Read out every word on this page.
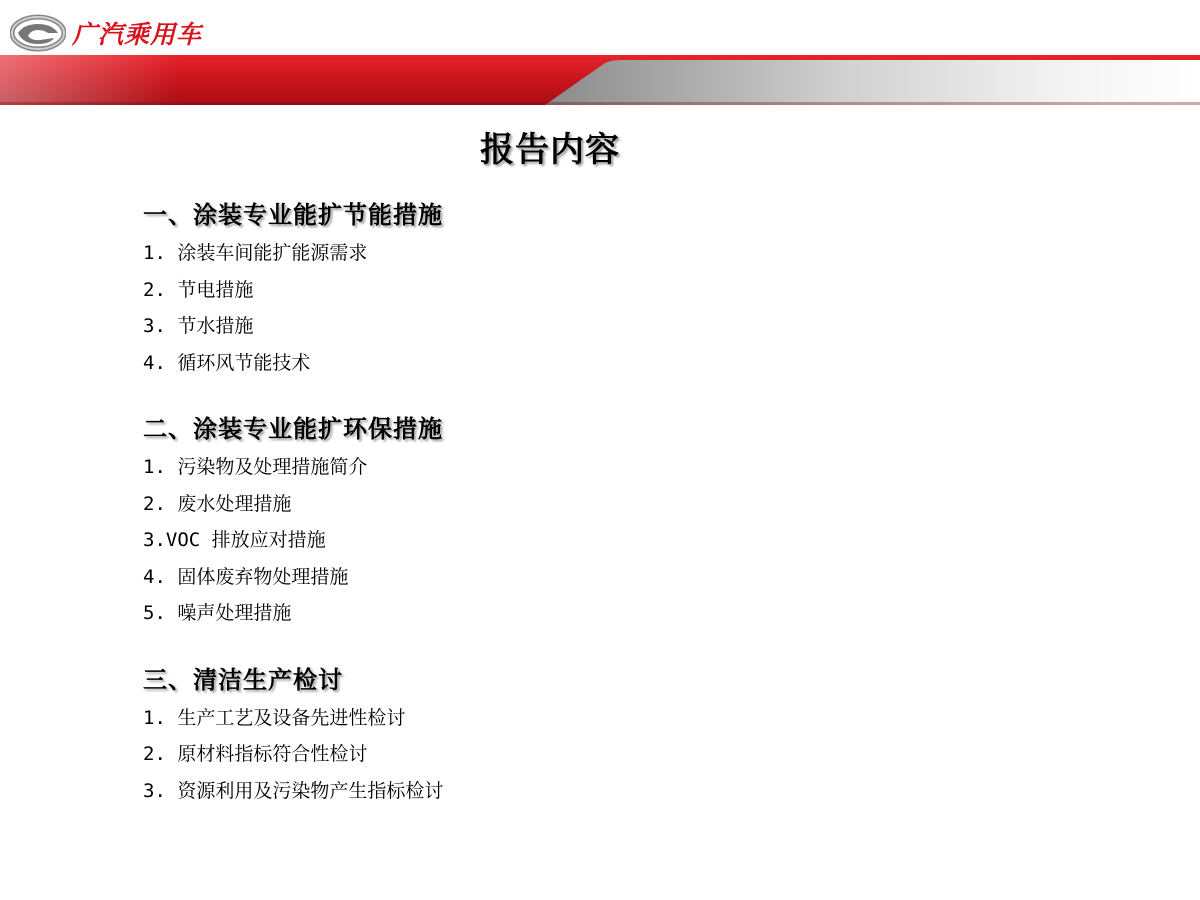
广汽乘用车
报告内容
一、涂装专业能扩节能措施
1. 涂装车间能扩能源需求
2. 节电措施
3. 节水措施
4. 循环风节能技术
二、涂装专业能扩环保措施
1. 污染物及处理措施简介
2. 废水处理措施
3.VOC 排放应对措施
4. 固体废弃物处理措施
5. 噪声处理措施
三、清洁生产检讨
1. 生产工艺及设备先进性检讨
2. 原材料指标符合性检讨
3. 资源利用及污染物产生指标检讨
